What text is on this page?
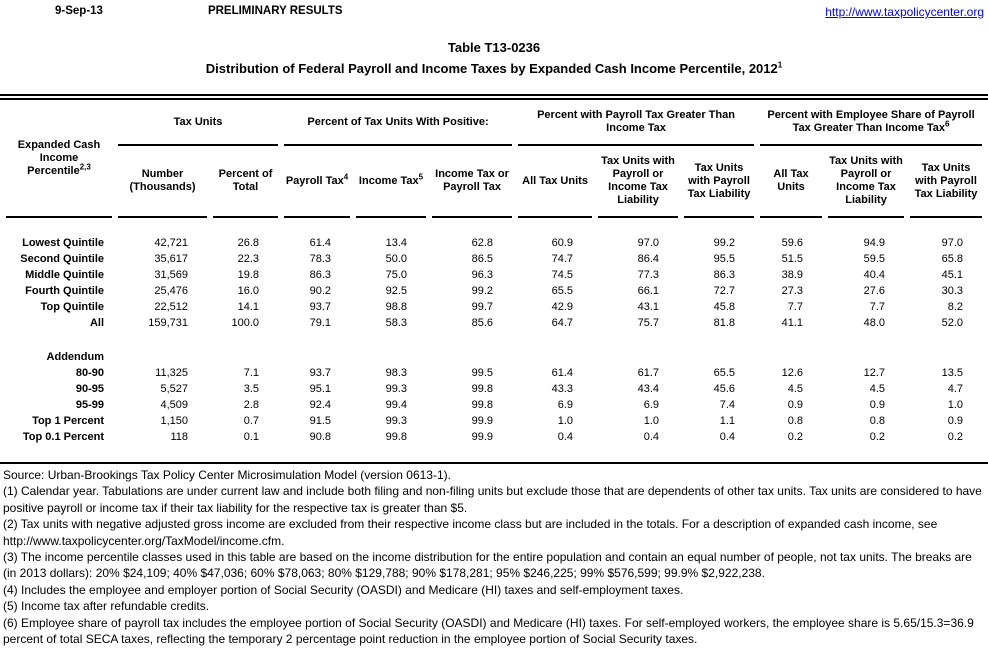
9-Sep-13	PRELIMINARY RESULTS	http://www.taxpolicycenter.org
Table T13-0236
Distribution of Federal Payroll and Income Taxes by Expanded Cash Income Percentile, 2012$^1$
Expanded Cash Income Percentile$^{2,3}$	Tax Units		Percent of Tax Units With Positive:			Percent with Payroll Tax Greater Than Income Tax			Percent with Employee Share of Payroll Tax Greater Than Income Tax$^6$
	Number (Thousands)	Percent of Total	Payroll Tax$^4$	Income Tax$^5$	Income Tax or Payroll Tax	All Tax Units	Tax Units with Payroll or Income Tax Liability	Tax Units with Payroll Tax Liability	All Tax Units	Tax Units with Payroll or Income Tax Liability	Tax Units with Payroll Tax Liability

Lowest Quintile	42,721	26.8	61.4	13.4	62.8	60.9	97.0	99.2	59.6	94.9	97.0
Second Quintile	35,617	22.3	78.3	50.0	86.5	74.7	86.4	95.5	51.5	59.5	65.8
Middle Quintile	31,569	19.8	86.3	75.0	96.3	74.5	77.3	86.3	38.9	40.4	45.1
Fourth Quintile	25,476	16.0	90.2	92.5	99.2	65.5	66.1	72.7	27.3	27.6	30.3
Top Quintile	22,512	14.1	93.7	98.8	99.7	42.9	43.1	45.8	7.7	7.7	8.2
All	159,731	100.0	79.1	58.3	85.6	64.7	75.7	81.8	41.1	48.0	52.0

Addendum											
80-90	11,325	7.1	93.7	98.3	99.5	61.4	61.7	65.5	12.6	12.7	13.5
90-95	5,527	3.5	95.1	99.3	99.8	43.3	43.4	45.6	4.5	4.5	4.7
95-99	4,509	2.8	92.4	99.4	99.8	6.9	6.9	7.4	0.9	0.9	1.0
Top 1 Percent	1,150	0.7	91.5	99.3	99.9	1.0	1.0	1.1	0.8	0.8	0.9
Top 0.1 Percent	118	0.1	90.8	99.8	99.9	0.4	0.4	0.4	0.2	0.2	0.2

Source: Urban-Brookings Tax Policy Center Microsimulation Model (version 0613-1).
(1) Calendar year. Tabulations are under current law and include both filing and non-filing units but exclude those that are dependents of other tax units. Tax units are considered to have positive payroll or income tax if their tax liability for the respective tax is greater than $5.
(2) Tax units with negative adjusted gross income are excluded from their respective income class but are included in the totals. For a description of expanded cash income, see http://www.taxpolicycenter.org/TaxModel/income.cfm.
(3) The income percentile classes used in this table are based on the income distribution for the entire population and contain an equal number of people, not tax units. The breaks are (in 2013 dollars): 20% $24,109; 40% $47,036; 60% $78,063; 80% $129,788; 90% $178,281; 95% $246,225; 99% $576,599; 99.9% $2,922,238.
(4) Includes the employee and employer portion of Social Security (OASDI) and Medicare (HI) taxes and self-employment taxes.
(5) Income tax after refundable credits.
(6) Employee share of payroll tax includes the employee portion of Social Security (OASDI) and Medicare (HI) taxes. For self-employed workers, the employee share is 5.65/15.3=36.9 percent of total SECA taxes, reflecting the temporary 2 percentage point reduction in the employee portion of Social Security taxes.
